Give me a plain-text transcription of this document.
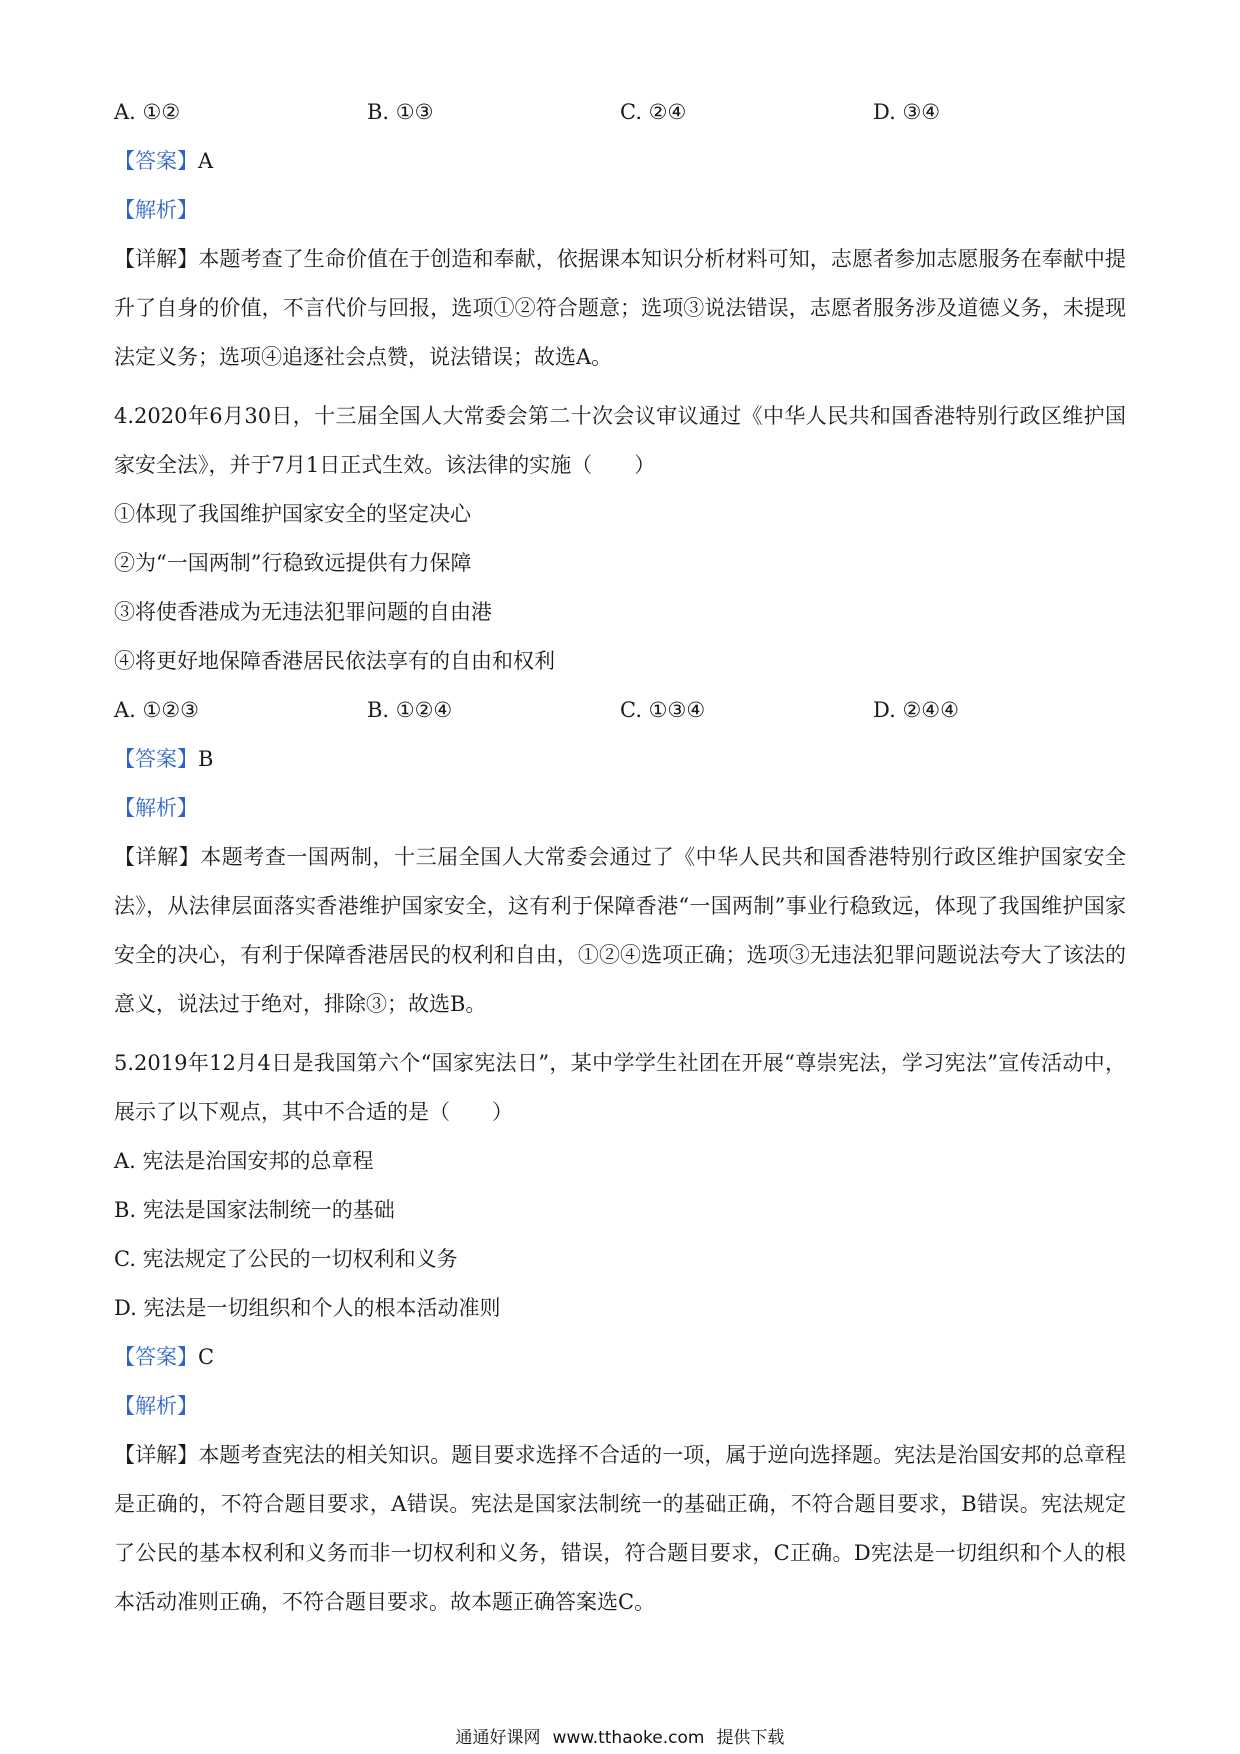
A. ①②	B. ①③	C. ②④	D. ③④
【答案】A
【解析】
【详解】本题考查了生命价值在于创造和奉献，依据课本知识分析材料可知，志愿者参加志愿服务在奉献中提升了自身的价值，不言代价与回报，选项①②符合题意；选项③说法错误，志愿者服务涉及道德义务，未提现法定义务；选项④追逐社会点赞，说法错误；故选A。
4.2020年6月30日，十三届全国人大常委会第二十次会议审议通过《中华人民共和国香港特别行政区维护国家安全法》，并于7月1日正式生效。该法律的实施（　　）
①体现了我国维护国家安全的坚定决心
②为“一国两制”行稳致远提供有力保障
③将使香港成为无违法犯罪问题的自由港
④将更好地保障香港居民依法享有的自由和权利
A. ①②③	B. ①②④	C. ①③④	D. ②④④
【答案】B
【解析】
【详解】本题考查一国两制，十三届全国人大常委会通过了《中华人民共和国香港特别行政区维护国家安全法》，从法律层面落实香港维护国家安全，这有利于保障香港“一国两制”事业行稳致远，体现了我国维护国家安全的决心，有利于保障香港居民的权利和自由，①②④选项正确；选项③无违法犯罪问题说法夸大了该法的意义，说法过于绝对，排除③；故选B。
5.2019年12月4日是我国第六个“国家宪法日”，某中学学生社团在开展“尊崇宪法，学习宪法”宣传活动中，展示了以下观点，其中不合适的是（　　）
A. 宪法是治国安邦的总章程
B. 宪法是国家法制统一的基础
C. 宪法规定了公民的一切权利和义务
D. 宪法是一切组织和个人的根本活动准则
【答案】C
【解析】
【详解】本题考查宪法的相关知识。题目要求选择不合适的一项，属于逆向选择题。宪法是治国安邦的总章程是正确的，不符合题目要求，A错误。宪法是国家法制统一的基础正确，不符合题目要求，B错误。宪法规定了公民的基本权利和义务而非一切权利和义务，错误，符合题目要求，C正确。D宪法是一切组织和个人的根本活动准则正确，不符合题目要求。故本题正确答案选C。
通通好课网 www.tthaoke.com 提供下载
